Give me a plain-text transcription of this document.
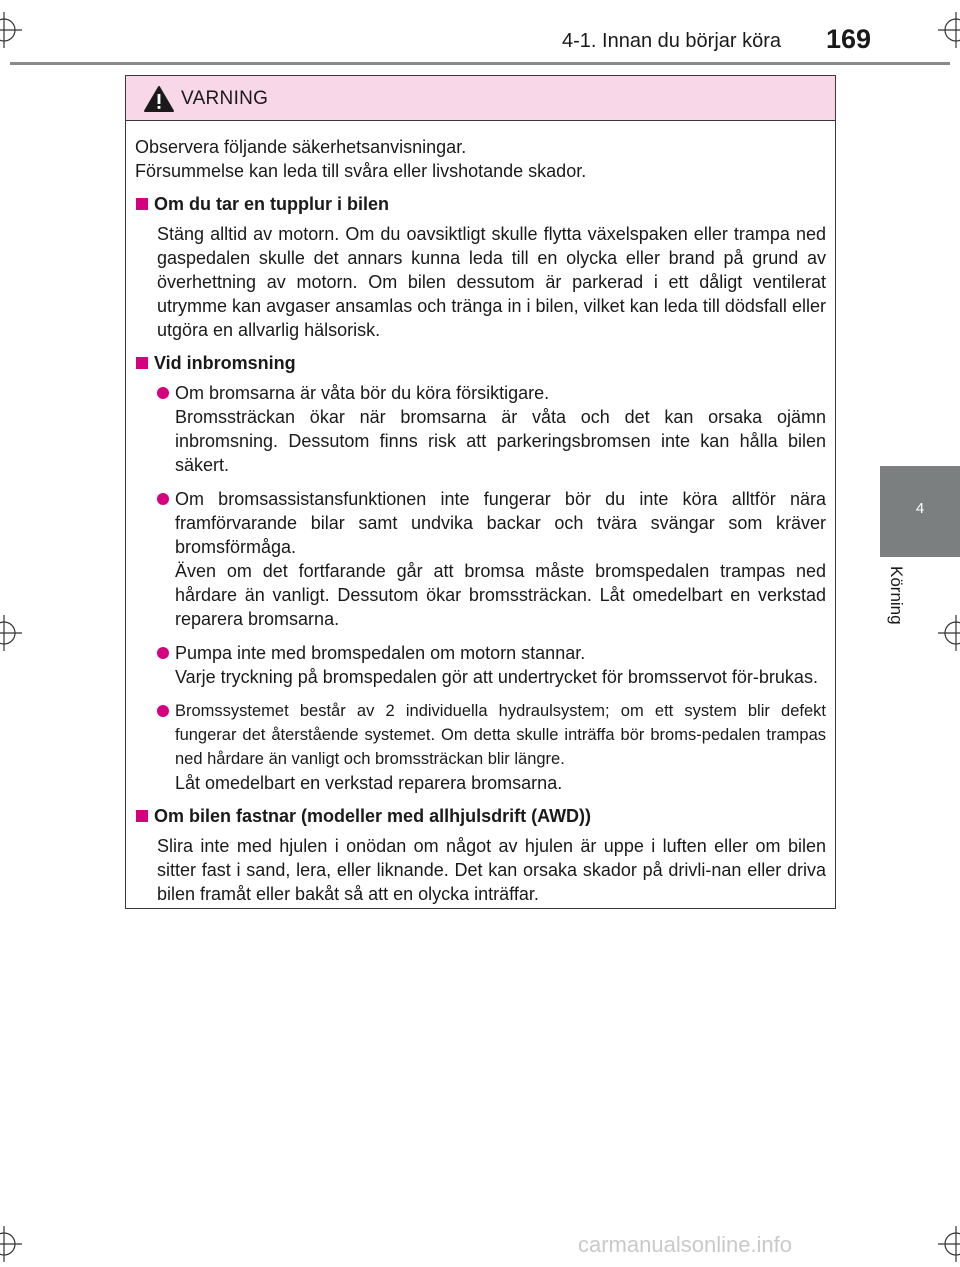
4-1. Innan du börjar köra 169
4
Körning
VARNING

Observera följande säkerhetsanvisningar.

Försummelse kan leda till svåra eller livshotande skador.

Om du tar en tupplur i bilen

Stäng alltid av motorn. Om du oavsiktligt skulle flytta växelspaken eller trampa ned gaspedalen skulle det annars kunna leda till en olycka eller brand på grund av överhettning av motorn. Om bilen dessutom är parkerad i ett dåligt ventilerat utrymme kan avgaser ansamlas och tränga in i bilen, vilket kan leda till dödsfall eller utgöra en allvarlig hälsorisk.

Vid inbromsning

Om bromsarna är våta bör du köra försiktigare.

Bromssträckan ökar när bromsarna är våta och det kan orsaka ojämn inbromsning. Dessutom finns risk att parkeringsbromsen inte kan hålla bilen säkert.

Om bromsassistansfunktionen inte fungerar bör du inte köra alltför nära framförvarande bilar samt undvika backar och tvära svängar som kräver bromsförmåga.

Även om det fortfarande går att bromsa måste bromspedalen trampas ned hårdare än vanligt. Dessutom ökar bromssträckan. Låt omedelbart en verkstad reparera bromsarna.

Pumpa inte med bromspedalen om motorn stannar.

Varje tryckning på bromspedalen gör att undertrycket för bromsservot för-brukas.

Bromssystemet består av 2 individuella hydraulsystem; om ett system blir defekt fungerar det återstående systemet. Om detta skulle inträffa bör broms-pedalen trampas ned hårdare än vanligt och bromssträckan blir längre.

Låt omedelbart en verkstad reparera bromsarna.

Om bilen fastnar (modeller med allhjulsdrift (AWD))

Slira inte med hjulen i onödan om något av hjulen är uppe i luften eller om bilen sitter fast i sand, lera, eller liknande. Det kan orsaka skador på drivli-nan eller driva bilen framåt eller bakåt så att en olycka inträffar.

carmanualsonline.info
